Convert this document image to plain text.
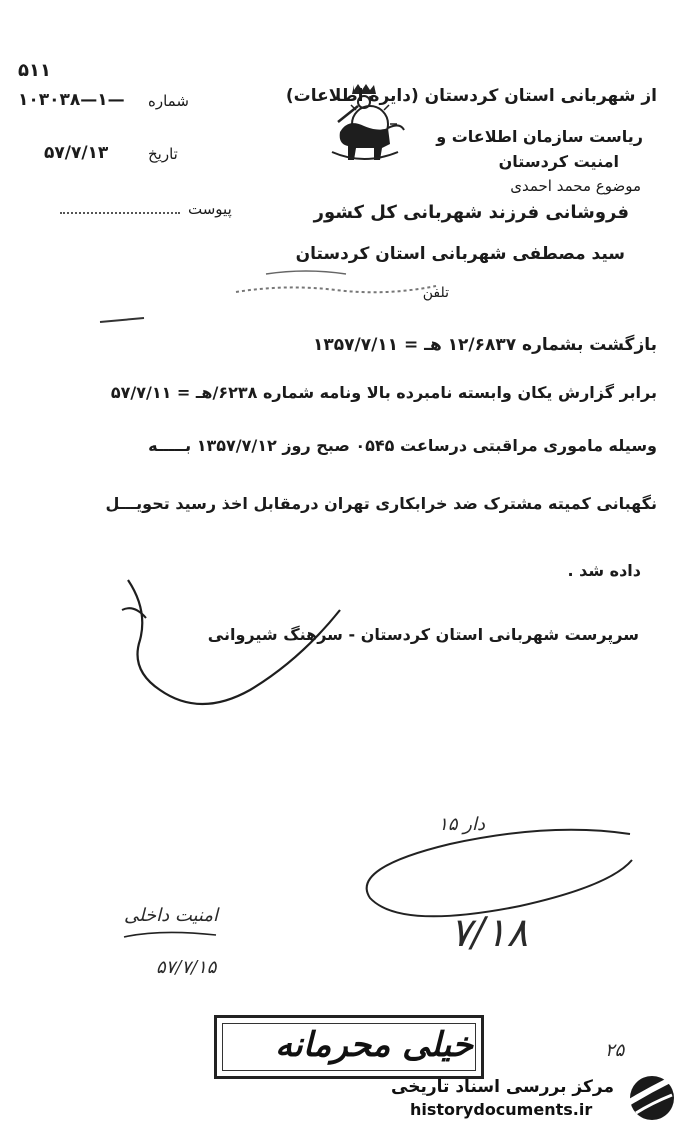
۵۱۱
شماره
۱۰۳۰۳۸—۱—
تاریخ
۵۷/۷/۱۳
پیوست
از شهربانی استان کردستان (دایره اطلاعات)
ریاست سازمان اطلاعات و
امنیت کردستان
موضوع محمد احمدی
فروشانی فرزند شهربانی کل کشور
سید مصطفی شهربانی استان کردستان
تلفن
بازگشت بشماره ۱۲/۶۸۳۷ هـ = ۱۳۵۷/۷/۱۱
برابر گزارش یکان وابسته نامبرده بالا ونامه شماره ۶۲۳۸/هـ = ۵۷/۷/۱۱
وسیله ماموری مراقبتی درساعت ۰۵۴۵ صبح روز ۱۳۵۷/۷/۱۲ بـــــه
نگهبانی کمیته مشترک ضد خرابکاری تهران درمقابل اخذ رسید تحویـــل
داده شد .
سرپرست شهربانی استان کردستان - سرهنگ شیروانی
دار ۱۵
۷/۱۸
امنیت داخلی
۵۷/۷/۱۵
۲۵
خیلی محرمانه
مرکز بررسی اسناد تاریخی
historydocuments.ir
